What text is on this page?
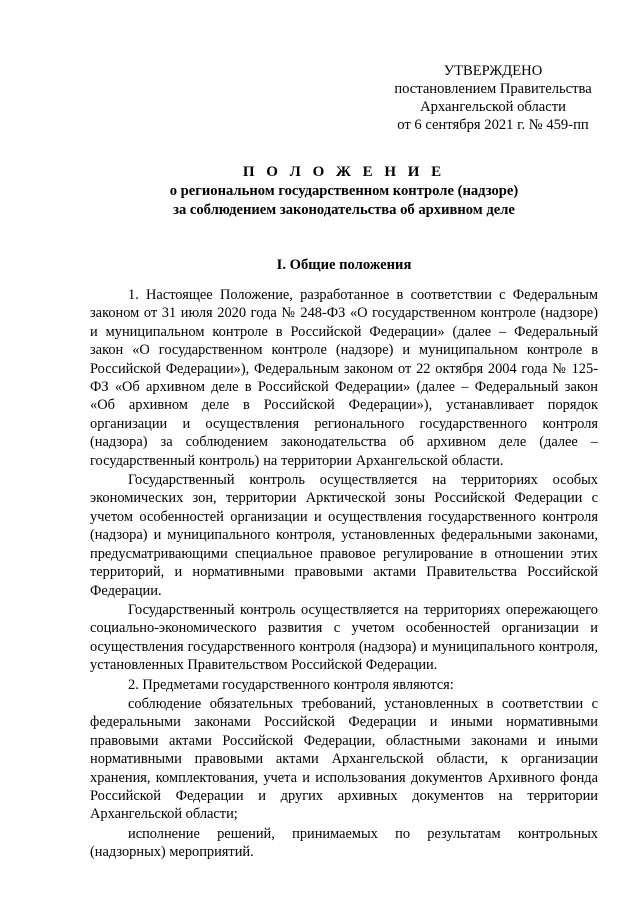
УТВЕРЖДЕНО
постановлением Правительства
Архангельской области
от 6 сентября 2021 г. № 459-пп
П О Л О Ж Е Н И Е
о региональном государственном контроле (надзоре)
за соблюдением законодательства об архивном деле
I. Общие положения

1. Настоящее Положение, разработанное в соответствии с Федеральным законом от 31 июля 2020 года № 248-ФЗ «О государственном контроле (надзоре) и муниципальном контроле в Российской Федерации» (далее – Федеральный закон «О государственном контроле (надзоре) и муниципальном контроле в Российской Федерации»), Федеральным законом от 22 октября 2004 года № 125-ФЗ «Об архивном деле в Российской Федерации» (далее – Федеральный закон «Об архивном деле в Российской Федерации»), устанавливает порядок организации и осуществления регионального государственного контроля (надзора) за соблюдением законодательства об архивном деле (далее – государственный контроль) на территории Архангельской области.

Государственный контроль осуществляется на территориях особых экономических зон, территории Арктической зоны Российской Федерации с учетом особенностей организации и осуществления государственного контроля (надзора) и муниципального контроля, установленных федеральными законами, предусматривающими специальное правовое регулирование в отношении этих территорий, и нормативными правовыми актами Правительства Российской Федерации.

Государственный контроль осуществляется на территориях опережающего социально-экономического развития с учетом особенностей организации и осуществления государственного контроля (надзора) и муниципального контроля, установленных Правительством Российской Федерации.

2. Предметами государственного контроля являются:

соблюдение обязательных требований, установленных в соответствии с федеральными законами Российской Федерации и иными нормативными правовыми актами Российской Федерации, областными законами и иными нормативными правовыми актами Архангельской области, к организации хранения, комплектования, учета и использования документов Архивного фонда Российской Федерации и других архивных документов на территории Архангельской области;

исполнение решений, принимаемых по результатам контрольных (надзорных) мероприятий.
